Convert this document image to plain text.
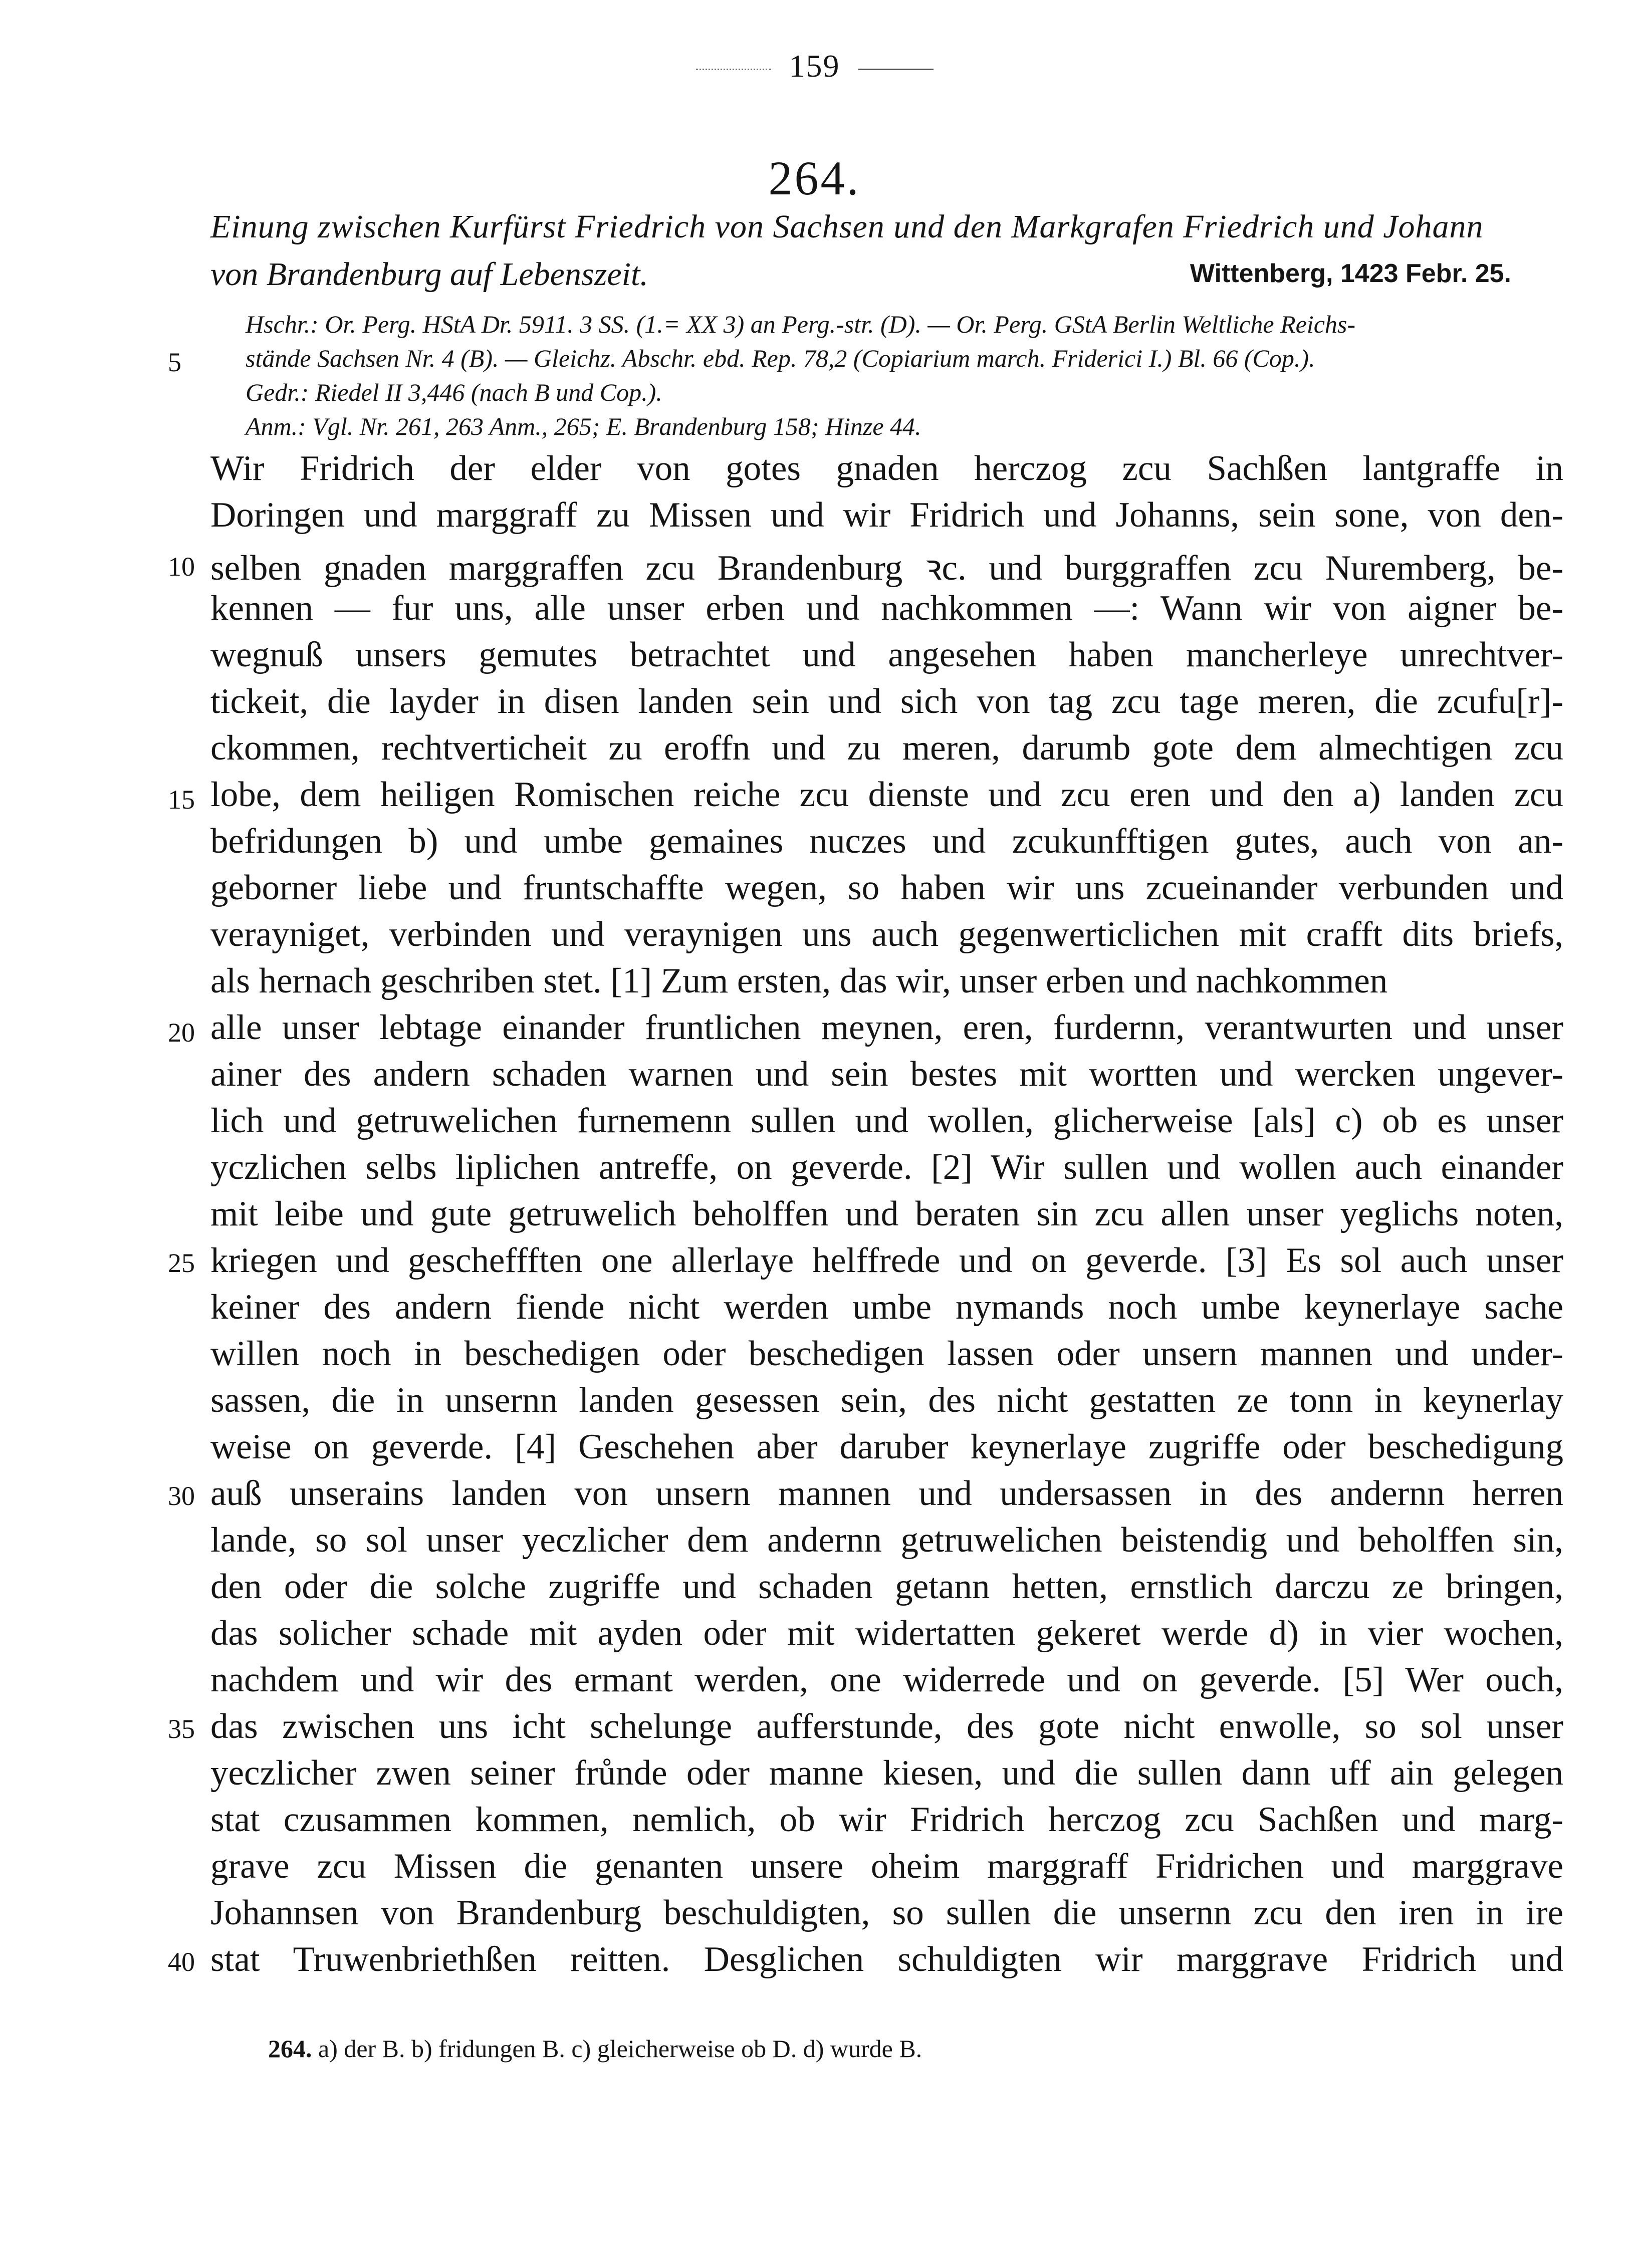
159
264.
Einung zwischen Kurfürst Friedrich von Sachsen und den Markgrafen Friedrich und Johann
von Brandenburg auf Lebenszeit.	Wittenberg, 1423 Febr. 25.
Hschr.: Or. Perg. HStA Dr. 5911. 3 SS. (1.= XX 3) an Perg.-str. (D). — Or. Perg. GStA Berlin Weltliche Reichs-
stände Sachsen Nr. 4 (B). — Gleichz. Abschr. ebd. Rep. 78,2 (Copiarium march. Friderici I.) Bl. 66 (Cop.).
Gedr.: Riedel II 3,446 (nach B und Cop.).
Anm.: Vgl. Nr. 261, 263 Anm., 265; E. Brandenburg 158; Hinze 44.
5
10
15
20
25
30
35
40
Wir Fridrich der elder von gotes gnaden herczog zcu Sachßen lantgraffe in
Doringen und marggraff zu Missen und wir Fridrich und Johanns, sein sone, von den-
selben gnaden marggraffen zcu Brandenburg ꝛc. und burggraffen zcu Nuremberg, be-
kennen — fur uns, alle unser erben und nachkommen —: Wann wir von aigner be-
wegnuß unsers gemutes betrachtet und angesehen haben mancherleye unrechtver-
tickeit, die layder in disen landen sein und sich von tag zcu tage meren, die zcufu[r]-
ckommen, rechtverticheit zu eroffn und zu meren, darumb gote dem almechtigen zcu
lobe, dem heiligen Romischen reiche zcu dienste und zcu eren und den a) landen zcu
befridungen b) und umbe gemaines nuczes und zcukunfftigen gutes, auch von an-
geborner liebe und fruntschaffte wegen, so haben wir uns zcueinander verbunden und
verayniget, verbinden und veraynigen uns auch gegenwerticlichen mit crafft dits briefs,
als hernach geschriben stet. [1] Zum ersten, das wir, unser erben und nachkommen
alle unser lebtage einander fruntlichen meynen, eren, furdernn, verantwurten und unser
ainer des andern schaden warnen und sein bestes mit wortten und wercken ungever-
lich und getruwelichen furnemenn sullen und wollen, glicherweise [als] c) ob es unser
yczlichen selbs liplichen antreffe, on geverde. [2] Wir sullen und wollen auch einander
mit leibe und gute getruwelich beholffen und beraten sin zcu allen unser yeglichs noten,
kriegen und gescheffften one allerlaye helffrede und on geverde. [3] Es sol auch unser
keiner des andern fiende nicht werden umbe nymands noch umbe keynerlaye sache
willen noch in beschedigen oder beschedigen lassen oder unsern mannen und under-
sassen, die in unsernn landen gesessen sein, des nicht gestatten ze tonn in keynerlay
weise on geverde. [4] Geschehen aber daruber keynerlaye zugriffe oder beschedigung
auß unserains landen von unsern mannen und undersassen in des andernn herren
lande, so sol unser yeczlicher dem andernn getruwelichen beistendig und beholffen sin,
den oder die solche zugriffe und schaden getann hetten, ernstlich darczu ze bringen,
das solicher schade mit ayden oder mit widertatten gekeret werde d) in vier wochen,
nachdem und wir des ermant werden, one widerrede und on geverde. [5] Wer ouch,
das zwischen uns icht schelunge aufferstunde, des gote nicht enwolle, so sol unser
yeczlicher zwen seiner frůnde oder manne kiesen, und die sullen dann uff ain gelegen
stat czusammen kommen, nemlich, ob wir Fridrich herczog zcu Sachßen und marg-
grave zcu Missen die genanten unsere oheim marggraff Fridrichen und marggrave
Johannsen von Brandenburg beschuldigten, so sullen die unsernn zcu den iren in ire
stat Truwenbriethßen reitten. Desglichen schuldigten wir marggrave Fridrich und
264. a) der B. b) fridungen B. c) gleicherweise ob D. d) wurde B.
